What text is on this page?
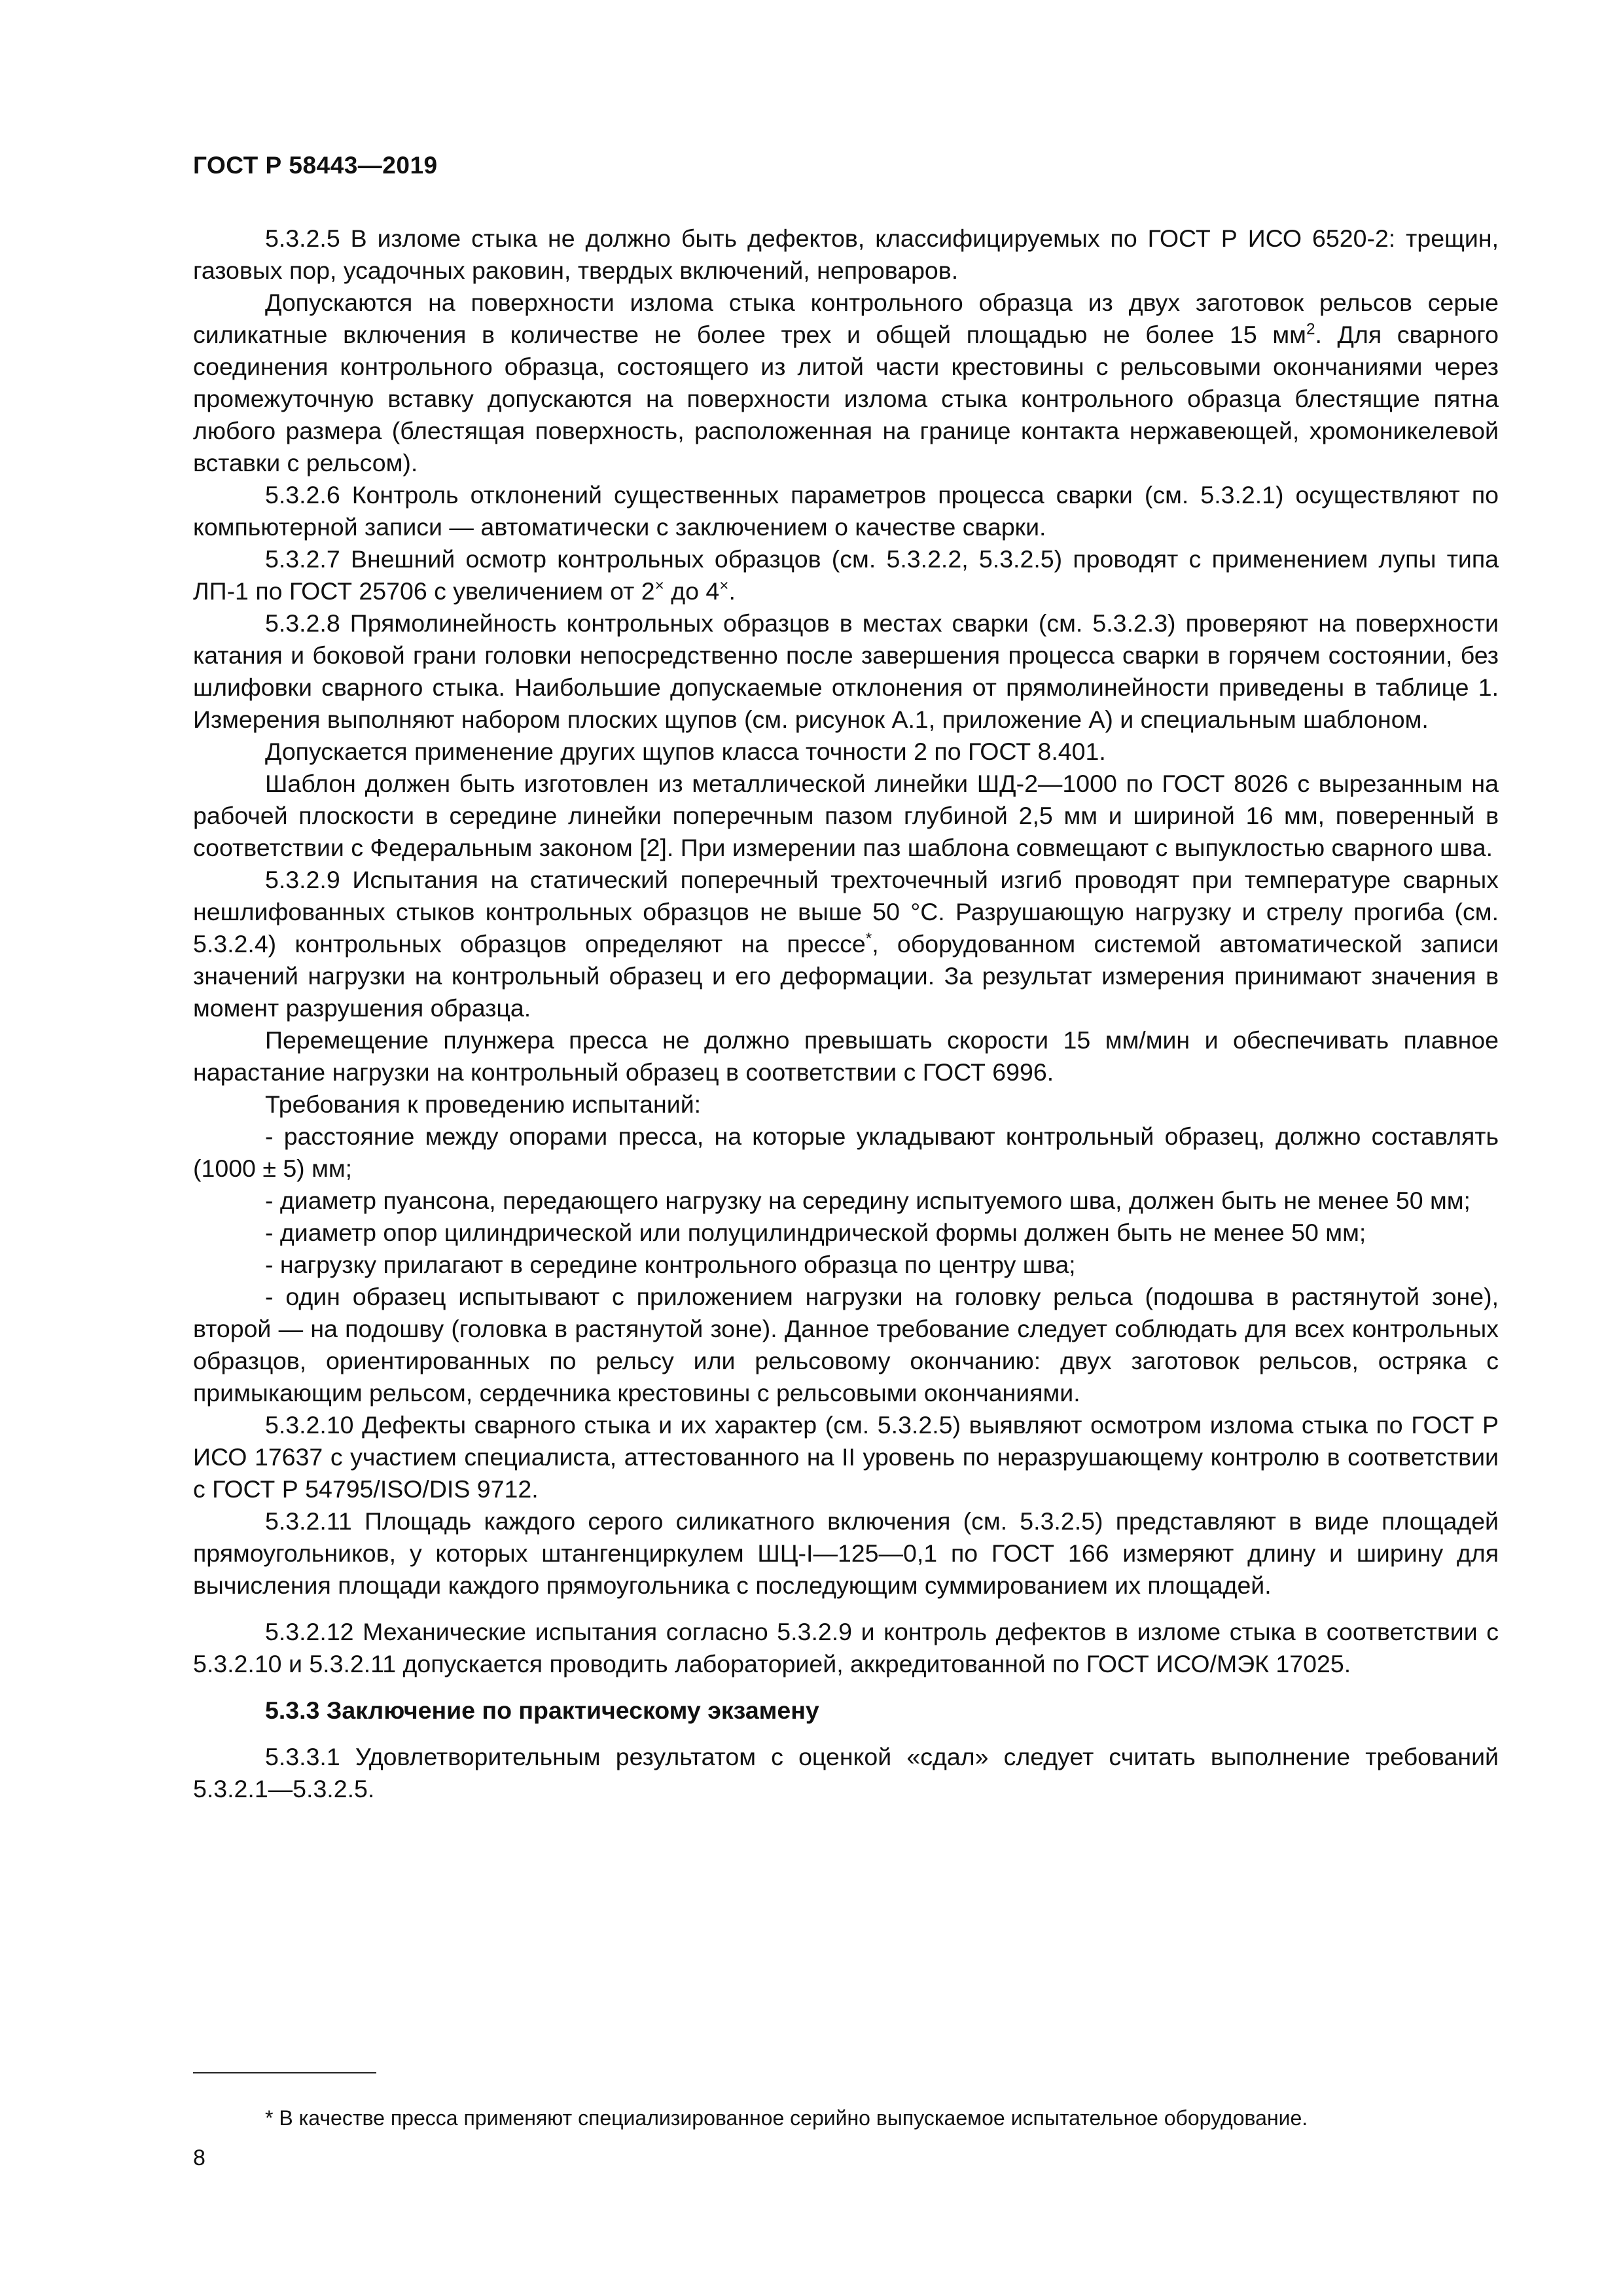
ГОСТ Р 58443—2019

5.3.2.5 В изломе стыка не должно быть дефектов, классифицируемых по ГОСТ Р ИСО 6520-2: трещин, газовых пор, усадочных раковин, твердых включений, непроваров.

Допускаются на поверхности излома стыка контрольного образца из двух заготовок рельсов серые силикатные включения в количестве не более трех и общей площадью не более 15 $мм^2$. Для сварного соединения контрольного образца, состоящего из литой части крестовины с рельсовыми окончаниями через промежуточную вставку допускаются на поверхности излома стыка контрольного образца блестящие пятна любого размера (блестящая поверхность, расположенная на границе контакта нержавеющей, хромоникелевой вставки с рельсом).

5.3.2.6 Контроль отклонений существенных параметров процесса сварки (см. 5.3.2.1) осуществляют по компьютерной записи — автоматически с заключением о качестве сварки.

5.3.2.7 Внешний осмотр контрольных образцов (см. 5.3.2.2, 5.3.2.5) проводят с применением лупы типа ЛП-1 по ГОСТ 25706 с увеличением от 2× до 4×.

5.3.2.8 Прямолинейность контрольных образцов в местах сварки (см. 5.3.2.3) проверяют на поверхности катания и боковой грани головки непосредственно после завершения процесса сварки в горячем состоянии, без шлифовки сварного стыка. Наибольшие допускаемые отклонения от прямолинейности приведены в таблице 1. Измерения выполняют набором плоских щупов (см. рисунок А.1, приложение А) и специальным шаблоном.

Допускается применение других щупов класса точности 2 по ГОСТ 8.401.

Шаблон должен быть изготовлен из металлической линейки ШД-2—1000 по ГОСТ 8026 с вырезанным на рабочей плоскости в середине линейки поперечным пазом глубиной 2,5 мм и шириной 16 мм, поверенный в соответствии с Федеральным законом [2]. При измерении паз шаблона совмещают с выпуклостью сварного шва.

5.3.2.9 Испытания на статический поперечный трехточечный изгиб проводят при температуре сварных нешлифованных стыков контрольных образцов не выше 50 °С. Разрушающую нагрузку и стрелу прогиба (см. 5.3.2.4) контрольных образцов определяют на прессе*, оборудованном системой автоматической записи значений нагрузки на контрольный образец и его деформации. За результат измерения принимают значения в момент разрушения образца.

Перемещение плунжера пресса не должно превышать скорости 15 мм/мин и обеспечивать плавное нарастание нагрузки на контрольный образец в соответствии с ГОСТ 6996.

Требования к проведению испытаний:

- расстояние между опорами пресса, на которые укладывают контрольный образец, должно составлять (1000 ± 5) мм;

- диаметр пуансона, передающего нагрузку на середину испытуемого шва, должен быть не менее 50 мм;

- диаметр опор цилиндрической или полуцилиндрической формы должен быть не менее 50 мм;

- нагрузку прилагают в середине контрольного образца по центру шва;

- один образец испытывают с приложением нагрузки на головку рельса (подошва в растянутой зоне), второй — на подошву (головка в растянутой зоне). Данное требование следует соблюдать для всех контрольных образцов, ориентированных по рельсу или рельсовому окончанию: двух заготовок рельсов, остряка с примыкающим рельсом, сердечника крестовины с рельсовыми окончаниями.

5.3.2.10 Дефекты сварного стыка и их характер (см. 5.3.2.5) выявляют осмотром излома стыка по ГОСТ Р ИСО 17637 с участием специалиста, аттестованного на II уровень по неразрушающему контролю в соответствии с ГОСТ Р 54795/ISO/DIS 9712.

5.3.2.11 Площадь каждого серого силикатного включения (см. 5.3.2.5) представляют в виде площадей прямоугольников, у которых штангенциркулем ШЦ-I—125—0,1 по ГОСТ 166 измеряют длину и ширину для вычисления площади каждого прямоугольника с последующим суммированием их площадей.

5.3.2.12 Механические испытания согласно 5.3.2.9 и контроль дефектов в изломе стыка в соответствии с 5.3.2.10 и 5.3.2.11 допускается проводить лабораторией, аккредитованной по ГОСТ ИСО/МЭК 17025.

5.3.3 Заключение по практическому экзамену

5.3.3.1 Удовлетворительным результатом с оценкой «сдал» следует считать выполнение требований 5.3.2.1—5.3.2.5.

* В качестве пресса применяют специализированное серийно выпускаемое испытательное оборудование.
8
